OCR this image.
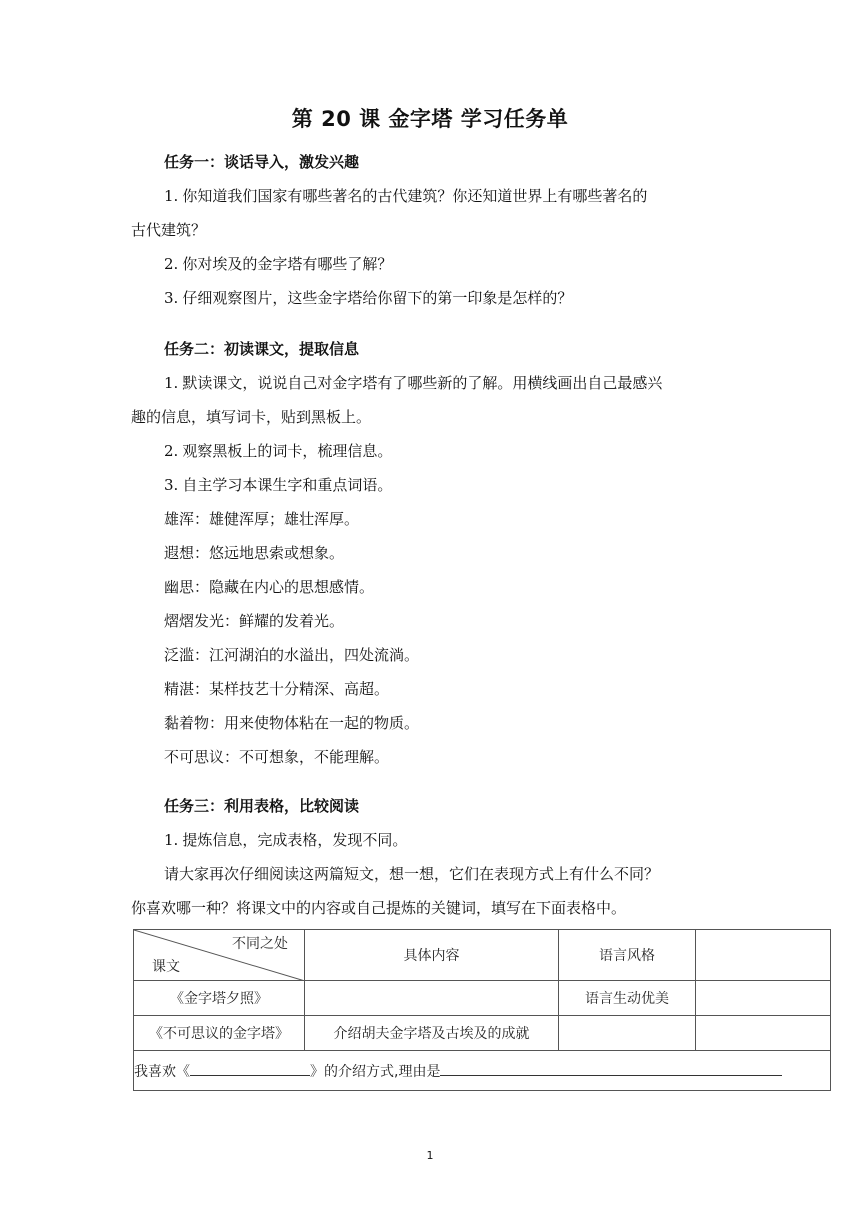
第 20 课 金字塔 学习任务单
任务一：谈话导入，激发兴趣
1. 你知道我们国家有哪些著名的古代建筑？你还知道世界上有哪些著名的
古代建筑？
2. 你对埃及的金字塔有哪些了解？
3. 仔细观察图片，这些金字塔给你留下的第一印象是怎样的？
任务二：初读课文，提取信息
1. 默读课文，说说自己对金字塔有了哪些新的了解。用横线画出自己最感兴
趣的信息，填写词卡，贴到黑板上。
2. 观察黑板上的词卡，梳理信息。
3. 自主学习本课生字和重点词语。
雄浑：雄健浑厚；雄壮浑厚。
遐想：悠远地思索或想象。
幽思：隐藏在内心的思想感情。
熠熠发光：鲜耀的发着光。
泛滥：江河湖泊的水溢出，四处流淌。
精湛：某样技艺十分精深、高超。
黏着物：用来使物体粘在一起的物质。
不可思议：不可想象，不能理解。
任务三：利用表格，比较阅读
1. 提炼信息，完成表格，发现不同。
请大家再次仔细阅读这两篇短文，想一想，它们在表现方式上有什么不同？
你喜欢哪一种？将课文中的内容或自己提炼的关键词，填写在下面表格中。
不同之处
课文	具体内容	语言风格	
《金字塔夕照》		语言生动优美	
《不可思议的金字塔》	介绍胡夫金字塔及古埃及的成就		
我喜欢《 》的介绍方式,理由是			
1
